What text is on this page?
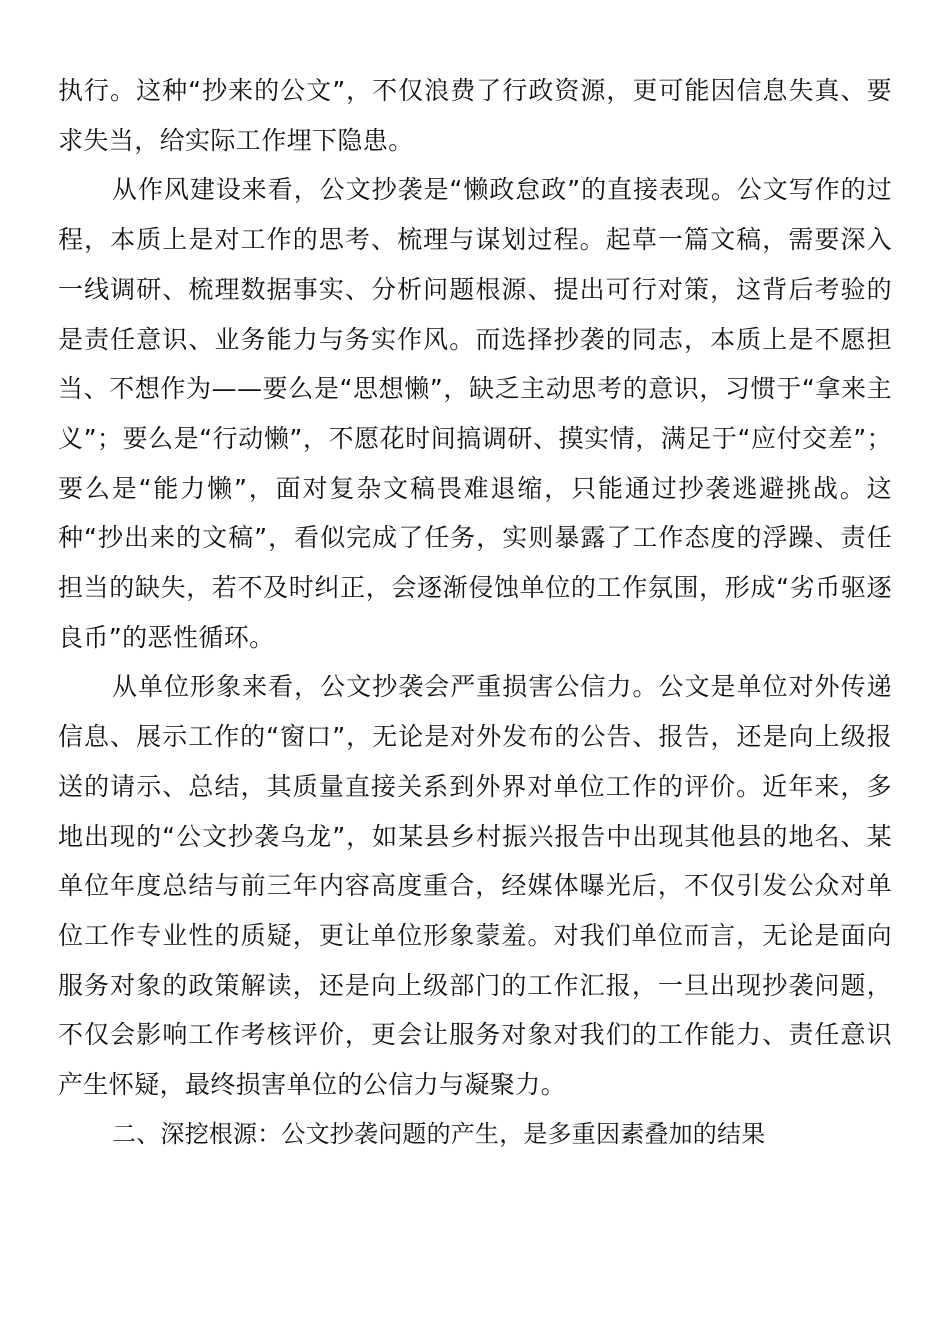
执行。这种“抄来的公文”，不仅浪费了行政资源，更可能因信息失真、要求失当，给实际工作埋下隐患。

从作风建设来看，公文抄袭是“懒政怠政”的直接表现。公文写作的过程，本质上是对工作的思考、梳理与谋划过程。起草一篇文稿，需要深入一线调研、梳理数据事实、分析问题根源、提出可行对策，这背后考验的是责任意识、业务能力与务实作风。而选择抄袭的同志，本质上是不愿担当、不想作为——要么是“思想懒”，缺乏主动思考的意识，习惯于“拿来主义”；要么是“行动懒”，不愿花时间搞调研、摸实情，满足于“应付交差”；要么是“能力懒”，面对复杂文稿畏难退缩，只能通过抄袭逃避挑战。这种“抄出来的文稿”，看似完成了任务，实则暴露了工作态度的浮躁、责任担当的缺失，若不及时纠正，会逐渐侵蚀单位的工作氛围，形成“劣币驱逐良币”的恶性循环。

从单位形象来看，公文抄袭会严重损害公信力。公文是单位对外传递信息、展示工作的“窗口”，无论是对外发布的公告、报告，还是向上级报送的请示、总结，其质量直接关系到外界对单位工作的评价。近年来，多地出现的“公文抄袭乌龙”，如某县乡村振兴报告中出现其他县的地名、某单位年度总结与前三年内容高度重合，经媒体曝光后，不仅引发公众对单位工作专业性的质疑，更让单位形象蒙羞。对我们单位而言，无论是面向服务对象的政策解读，还是向上级部门的工作汇报，一旦出现抄袭问题，不仅会影响工作考核评价，更会让服务对象对我们的工作能力、责任意识产生怀疑，最终损害单位的公信力与凝聚力。

二、深挖根源：公文抄袭问题的产生，是多重因素叠加的结果
